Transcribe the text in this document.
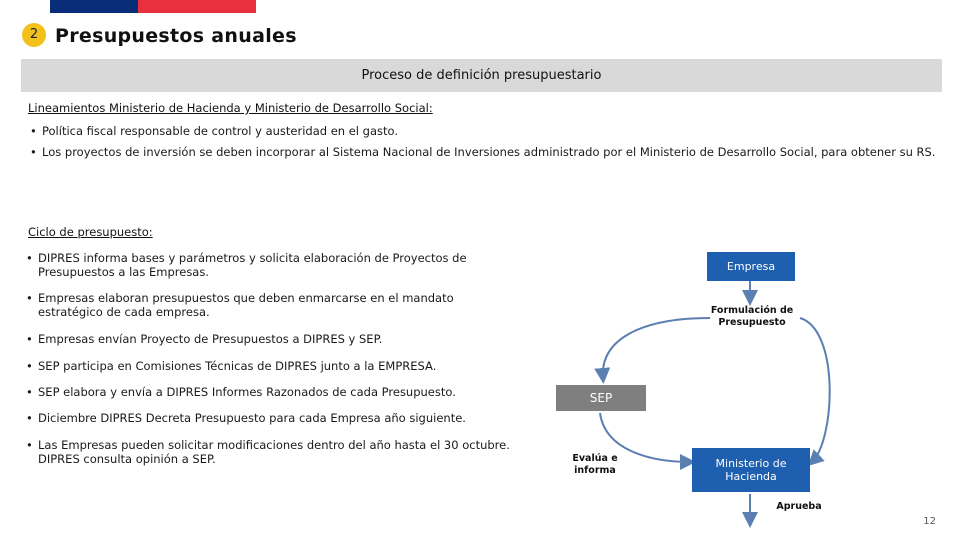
2 Presupuestos anuales
Proceso de definición presupuestario
Lineamientos Ministerio de Hacienda y Ministerio de Desarrollo Social:
• Política fiscal responsable de control y austeridad en el gasto.
• Los proyectos de inversión se deben incorporar al Sistema Nacional de Inversiones administrado por el Ministerio de Desarrollo Social, para obtener su RS.
Ciclo de presupuesto:
• DIPRES informa bases y parámetros y solicita elaboración de Proyectos de Presupuestos a las Empresas.
• Empresas elaboran presupuestos que deben enmarcarse en el mandato estratégico de cada empresa.
• Empresas envían Proyecto de Presupuestos a DIPRES y SEP.
• SEP participa en Comisiones Técnicas de DIPRES junto a la EMPRESA.
• SEP elabora y envía a DIPRES Informes Razonados de cada Presupuesto.
• Diciembre DIPRES Decreta Presupuesto para cada Empresa año siguiente.
• Las Empresas pueden solicitar modificaciones dentro del año hasta el 30 octubre. DIPRES consulta opinión a SEP.
Empresa
Formulación de Presupuesto
SEP
Evalúa e informa
Ministerio de Hacienda
Aprueba
12
